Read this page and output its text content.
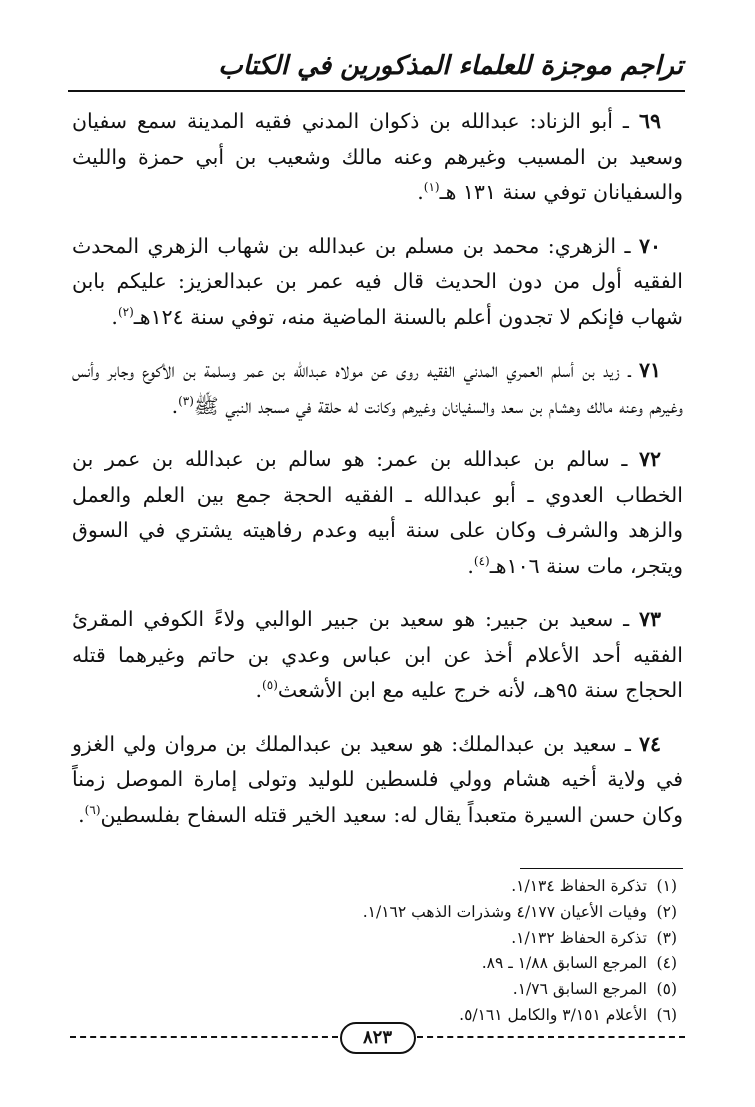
تراجم موجزة للعلماء المذكورين في الكتاب

٦٩ ـ أبو الزناد: عبدالله بن ذكوان المدني فقيه المدينة سمع سفيان وسعيد بن المسيب وغيرهم وعنه مالك وشعيب بن أبي حمزة والليث والسفيانان توفي سنة ١٣١ هـ$^{(١)}$.

٧٠ ـ الزهري: محمد بن مسلم بن عبدالله بن شهاب الزهري المحدث الفقيه أول من دون الحديث قال فيه عمر بن عبدالعزيز: عليكم بابن شهاب فإنكم لا تجدون أعلم بالسنة الماضية منه، توفي سنة ١٢٤هـ$^{(٢)}$.

٧١ ـ زيد بن أسلم العمري المدني الفقيه روى عن مولاه عبدالله بن عمر وسلمة بن الأكوع وجابر وأنس وغيرهم وعنه مالك وهشام بن سعد والسفيانان وغيرهم وكانت له حلقة في مسجد النبي ﷺ$^{(٣)}$.

٧٢ ـ سالم بن عبدالله بن عمر: هو سالم بن عبدالله بن عمر بن الخطاب العدوي ـ أبو عبدالله ـ الفقيه الحجة جمع بين العلم والعمل والزهد والشرف وكان على سنة أبيه وعدم رفاهيته يشتري في السوق ويتجر، مات سنة ١٠٦هـ$^{(٤)}$.

٧٣ ـ سعيد بن جبير: هو سعيد بن جبير الوالبي ولاءً الكوفي المقرئ الفقيه أحد الأعلام أخذ عن ابن عباس وعدي بن حاتم وغيرهما قتله الحجاج سنة ٩٥هـ، لأنه خرج عليه مع ابن الأشعث$^{(٥)}$.

٧٤ ـ سعيد بن عبدالملك: هو سعيد بن عبدالملك بن مروان ولي الغزو في ولاية أخيه هشام وولي فلسطين للوليد وتولى إمارة الموصل زمناً وكان حسن السيرة متعبداً يقال له: سعيد الخير قتله السفاح بفلسطين$^{(٦)}$.

(١)تذكرة الحفاظ ١/١٣٤.
(٢)وفيات الأعيان ٤/١٧٧ وشذرات الذهب ١/١٦٢.
(٣)تذكرة الحفاظ ١/١٣٢.
(٤)المرجع السابق ١/٨٨ ـ ٨٩.
(٥)المرجع السابق ١/٧٦.
(٦)الأعلام ٣/١٥١ والكامل ٥/١٦١.
٨٢٣
